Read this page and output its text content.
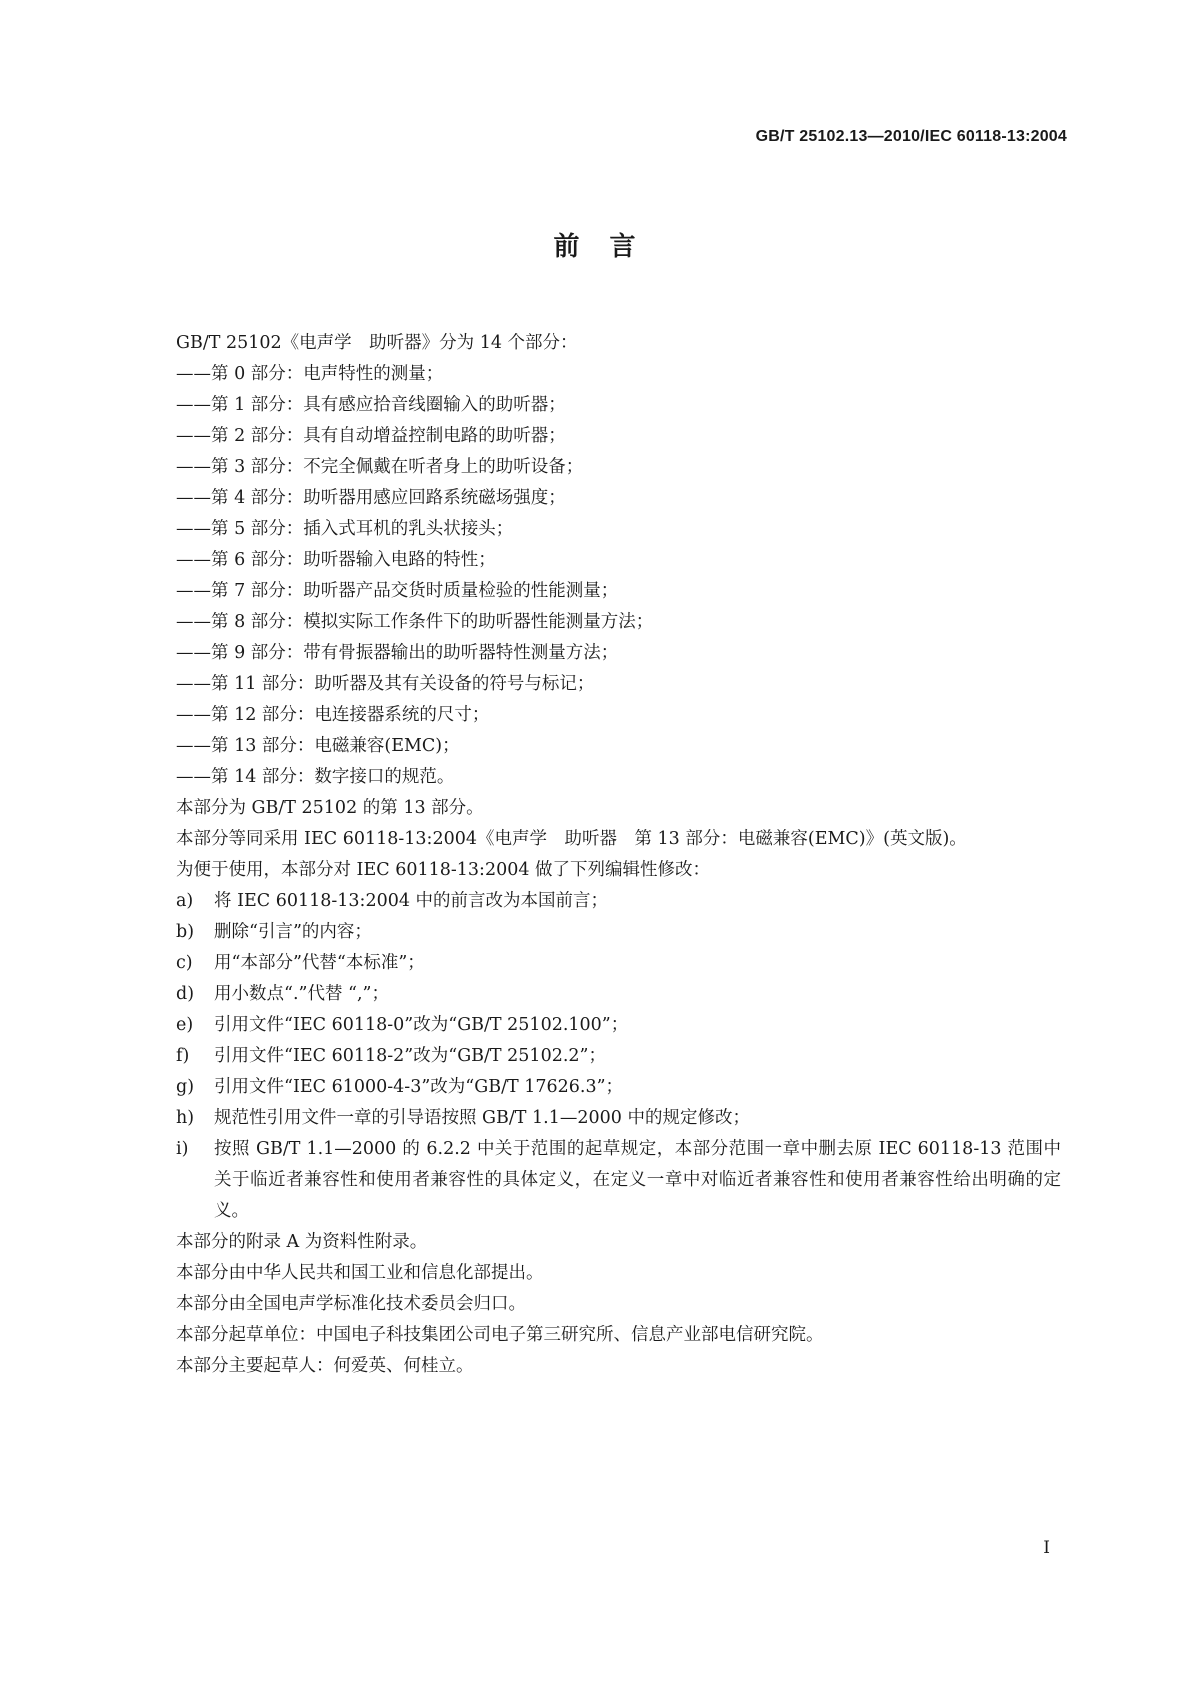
GB/T 25102.13—2010/IEC 60118-13:2004
前　言
GB/T 25102《电声学　助听器》分为 14 个部分：
——第 0 部分：电声特性的测量；
——第 1 部分：具有感应拾音线圈输入的助听器；
——第 2 部分：具有自动增益控制电路的助听器；
——第 3 部分：不完全佩戴在听者身上的助听设备；
——第 4 部分：助听器用感应回路系统磁场强度；
——第 5 部分：插入式耳机的乳头状接头；
——第 6 部分：助听器输入电路的特性；
——第 7 部分：助听器产品交货时质量检验的性能测量；
——第 8 部分：模拟实际工作条件下的助听器性能测量方法；
——第 9 部分：带有骨振器输出的助听器特性测量方法；
——第 11 部分：助听器及其有关设备的符号与标记；
——第 12 部分：电连接器系统的尺寸；
——第 13 部分：电磁兼容(EMC)；
——第 14 部分：数字接口的规范。
本部分为 GB/T 25102 的第 13 部分。
本部分等同采用 IEC 60118-13:2004《电声学　助听器　第 13 部分：电磁兼容(EMC)》(英文版)。
为便于使用，本部分对 IEC 60118-13:2004 做了下列编辑性修改：
a)	将 IEC 60118-13:2004 中的前言改为本国前言；
b)	删除“引言”的内容；
c)	用“本部分”代替“本标准”；
d)	用小数点“.”代替 “,”；
e)	引用文件“IEC 60118-0”改为“GB/T 25102.100”；
f)	引用文件“IEC 60118-2”改为“GB/T 25102.2”；
g)	引用文件“IEC 61000-4-3”改为“GB/T 17626.3”；
h)	规范性引用文件一章的引导语按照 GB/T 1.1—2000 中的规定修改；
i)	按照 GB/T 1.1—2000 的 6.2.2 中关于范围的起草规定，本部分范围一章中删去原 IEC 60118-13 范围中关于临近者兼容性和使用者兼容性的具体定义，在定义一章中对临近者兼容性和使用者兼容性给出明确的定义。
本部分的附录 A 为资料性附录。
本部分由中华人民共和国工业和信息化部提出。
本部分由全国电声学标准化技术委员会归口。
本部分起草单位：中国电子科技集团公司电子第三研究所、信息产业部电信研究院。
本部分主要起草人：何爱英、何桂立。
I
